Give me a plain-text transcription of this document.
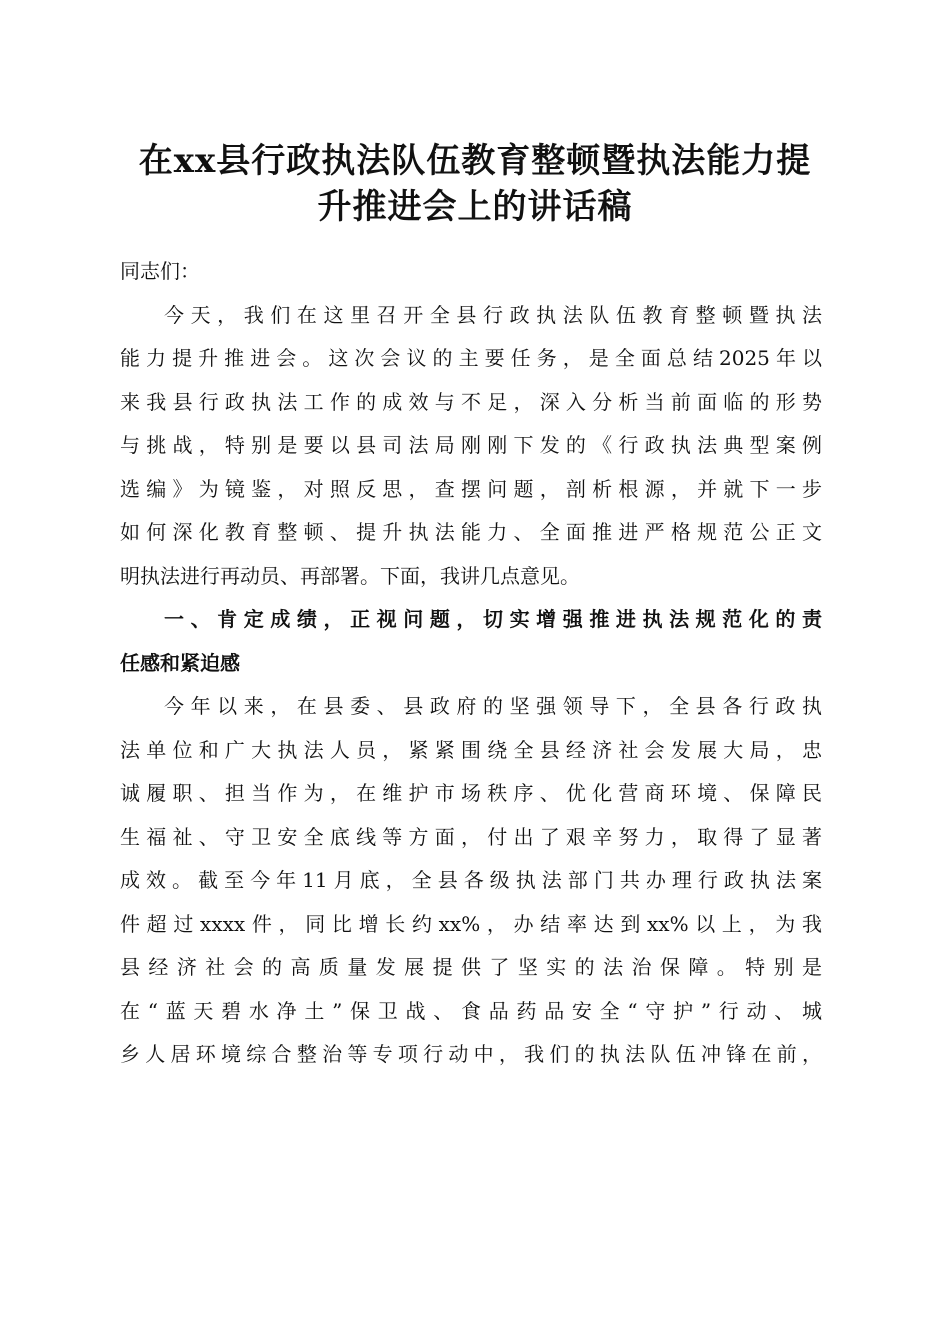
在xx县行政执法队伍教育整顿暨执法能力提
升推进会上的讲话稿

同志们：

今天，我们在这里召开全县行政执法队伍教育整顿暨执法

能力提升推进会。这次会议的主要任务，是全面总结2025年以

来我县行政执法工作的成效与不足，深入分析当前面临的形势

与挑战，特别是要以县司法局刚刚下发的《行政执法典型案例

选编》为镜鉴，对照反思，查摆问题，剖析根源，并就下一步

如何深化教育整顿、提升执法能力、全面推进严格规范公正文

明执法进行再动员、再部署。下面，我讲几点意见。

一、肯定成绩，正视问题，切实增强推进执法规范化的责

任感和紧迫感

今年以来，在县委、县政府的坚强领导下，全县各行政执

法单位和广大执法人员，紧紧围绕全县经济社会发展大局，忠

诚履职、担当作为，在维护市场秩序、优化营商环境、保障民

生福祉、守卫安全底线等方面，付出了艰辛努力，取得了显著

成效。截至今年11月底，全县各级执法部门共办理行政执法案

件超过xxxx件，同比增长约xx%，办结率达到xx%以上，为我

县经济社会的高质量发展提供了坚实的法治保障。特别是

在“蓝天碧水净土”保卫战、食品药品安全“守护”行动、城

乡人居环境综合整治等专项行动中，我们的执法队伍冲锋在前，
